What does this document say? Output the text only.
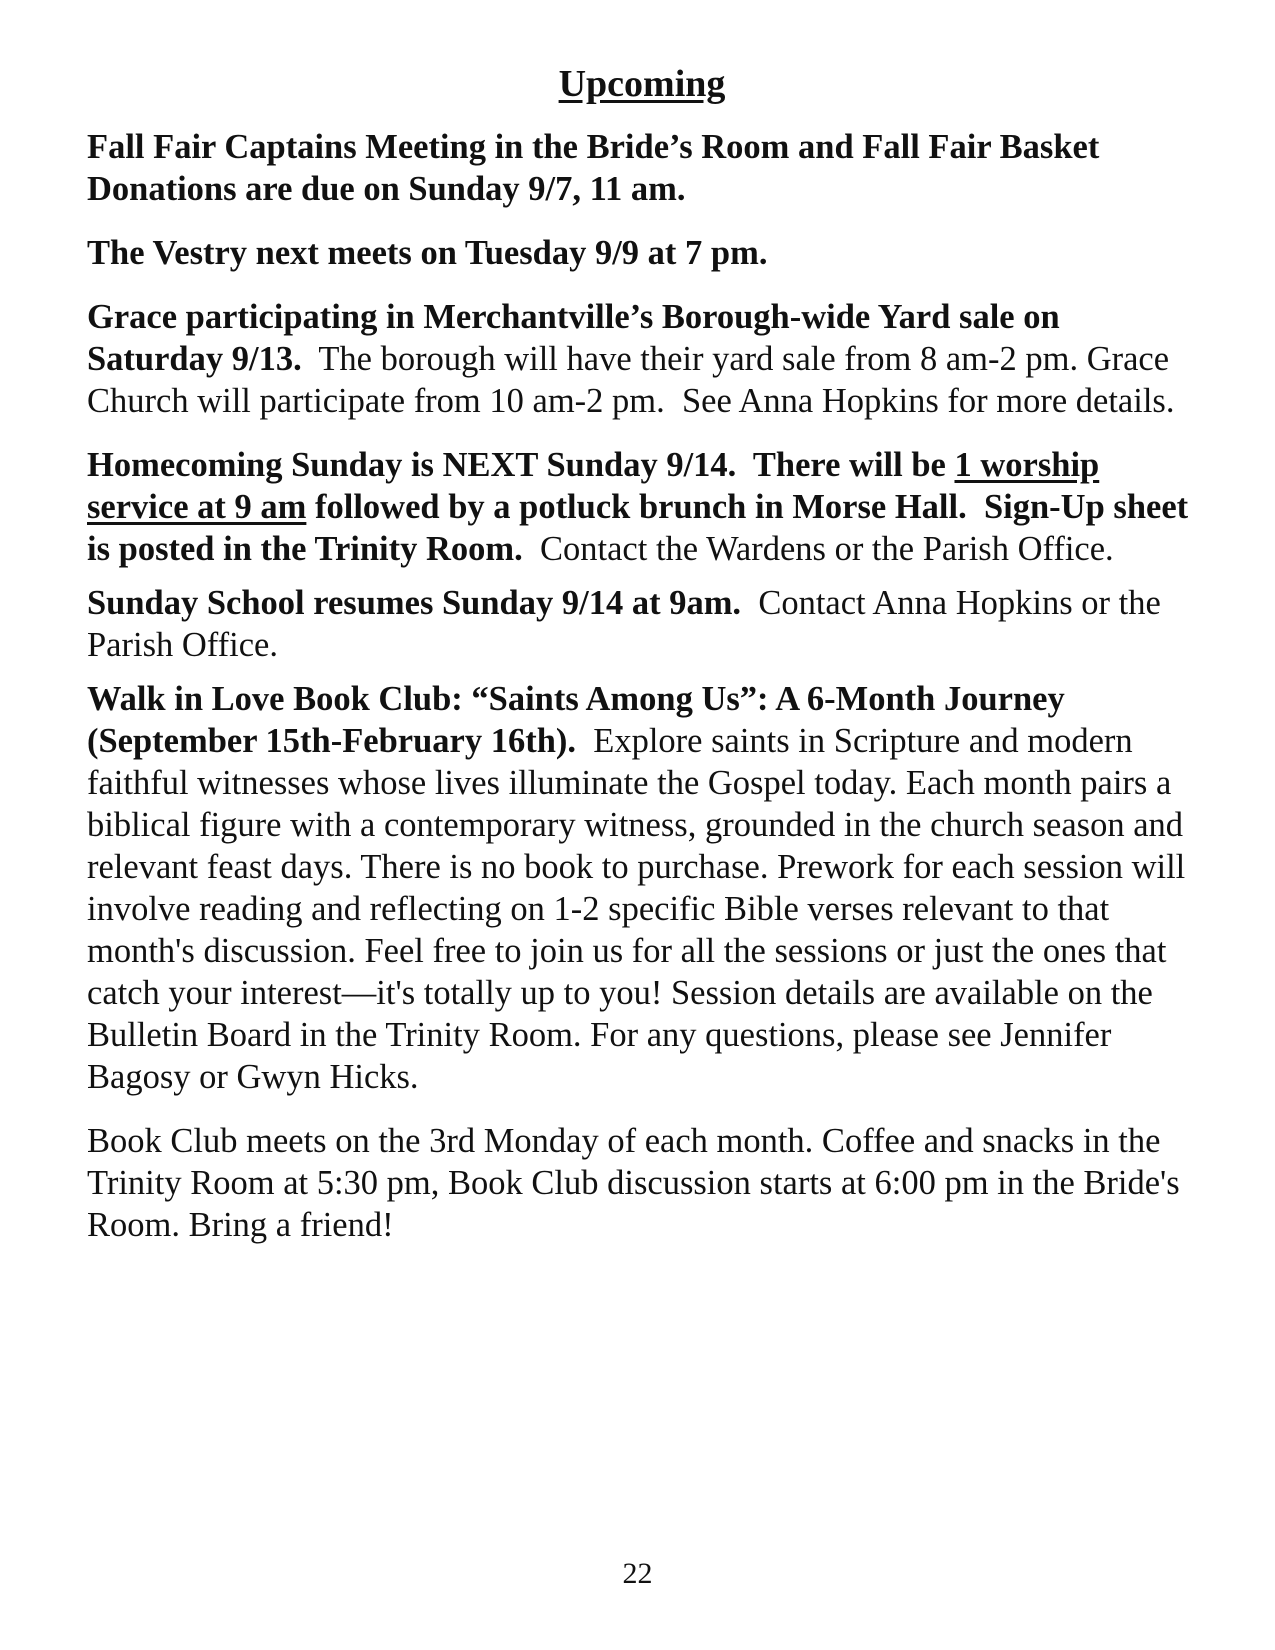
Upcoming

Fall Fair Captains Meeting in the Bride’s Room and Fall Fair Basket Donations are due on Sunday 9/7, 11 am.

The Vestry next meets on Tuesday 9/9 at 7 pm.

Grace participating in Merchantville’s Borough-wide Yard sale on Saturday 9/13.  The borough will have their yard sale from 8 am-2 pm. Grace Church will participate from 10 am-2 pm.  See Anna Hopkins for more details.

Homecoming Sunday is NEXT Sunday 9/14.  There will be 1 worship service at 9 am followed by a potluck brunch in Morse Hall.  Sign-Up sheet is posted in the Trinity Room.  Contact the Wardens or the Parish Office.

Sunday School resumes Sunday 9/14 at 9am.  Contact Anna Hopkins or the Parish Office.

Walk in Love Book Club: “Saints Among Us”: A 6-Month Journey (September 15th-February 16th).  Explore saints in Scripture and modern faithful witnesses whose lives illuminate the Gospel today. Each month pairs a biblical figure with a contemporary witness, grounded in the church season and relevant feast days. There is no book to purchase. Prework for each session will involve reading and reflecting on 1-2 specific Bible verses relevant to that month's discussion. Feel free to join us for all the sessions or just the ones that catch your interest—it's totally up to you! Session details are available on the Bulletin Board in the Trinity Room. For any questions, please see Jennifer Bagosy or Gwyn Hicks.

Book Club meets on the 3rd Monday of each month. Coffee and snacks in the Trinity Room at 5:30 pm, Book Club discussion starts at 6:00 pm in the Bride's Room. Bring a friend!

22
